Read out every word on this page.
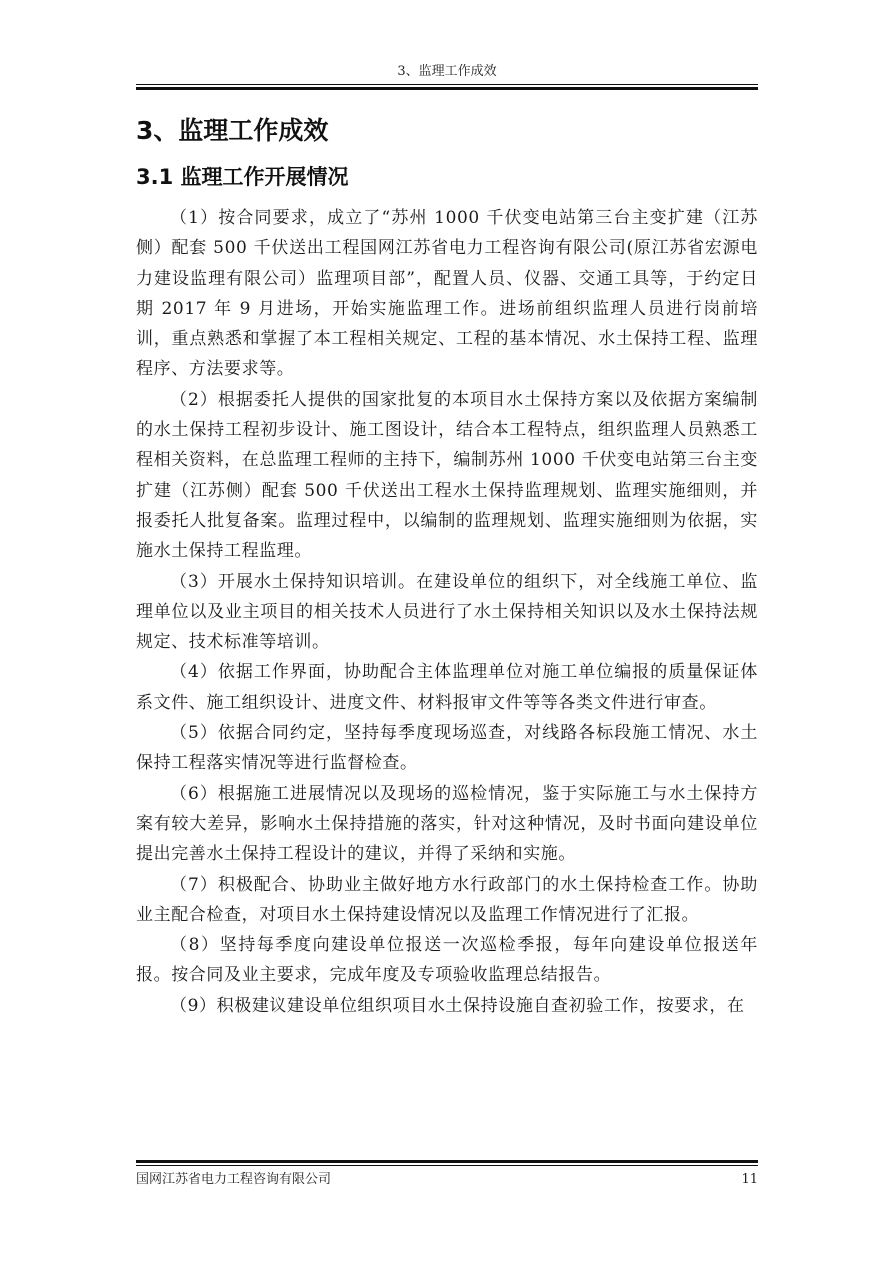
3、监理工作成效
3、监理工作成效
3.1 监理工作开展情况

（1）按合同要求，成立了“苏州 1000 千伏变电站第三台主变扩建（江苏侧）配套 500 千伏送出工程国网江苏省电力工程咨询有限公司(原江苏省宏源电力建设监理有限公司）监理项目部”，配置人员、仪器、交通工具等，于约定日期 2017 年 9 月进场，开始实施监理工作。进场前组织监理人员进行岗前培训，重点熟悉和掌握了本工程相关规定、工程的基本情况、水土保持工程、监理程序、方法要求等。

（2）根据委托人提供的国家批复的本项目水土保持方案以及依据方案编制的水土保持工程初步设计、施工图设计，结合本工程特点，组织监理人员熟悉工程相关资料，在总监理工程师的主持下，编制苏州 1000 千伏变电站第三台主变扩建（江苏侧）配套 500 千伏送出工程水土保持监理规划、监理实施细则，并报委托人批复备案。监理过程中，以编制的监理规划、监理实施细则为依据，实施水土保持工程监理。

（3）开展水土保持知识培训。在建设单位的组织下，对全线施工单位、监理单位以及业主项目的相关技术人员进行了水土保持相关知识以及水土保持法规规定、技术标准等培训。

（4）依据工作界面，协助配合主体监理单位对施工单位编报的质量保证体系文件、施工组织设计、进度文件、材料报审文件等等各类文件进行审查。

（5）依据合同约定，坚持每季度现场巡查，对线路各标段施工情况、水土保持工程落实情况等进行监督检查。

（6）根据施工进展情况以及现场的巡检情况，鉴于实际施工与水土保持方案有较大差异，影响水土保持措施的落实，针对这种情况，及时书面向建设单位提出完善水土保持工程设计的建议，并得了采纳和实施。

（7）积极配合、协助业主做好地方水行政部门的水土保持检查工作。协助业主配合检查，对项目水土保持建设情况以及监理工作情况进行了汇报。

（8）坚持每季度向建设单位报送一次巡检季报，每年向建设单位报送年报。按合同及业主要求，完成年度及专项验收监理总结报告。

（9）积极建议建设单位组织项目水土保持设施自查初验工作，按要求，在

国网江苏省电力工程咨询有限公司	11
